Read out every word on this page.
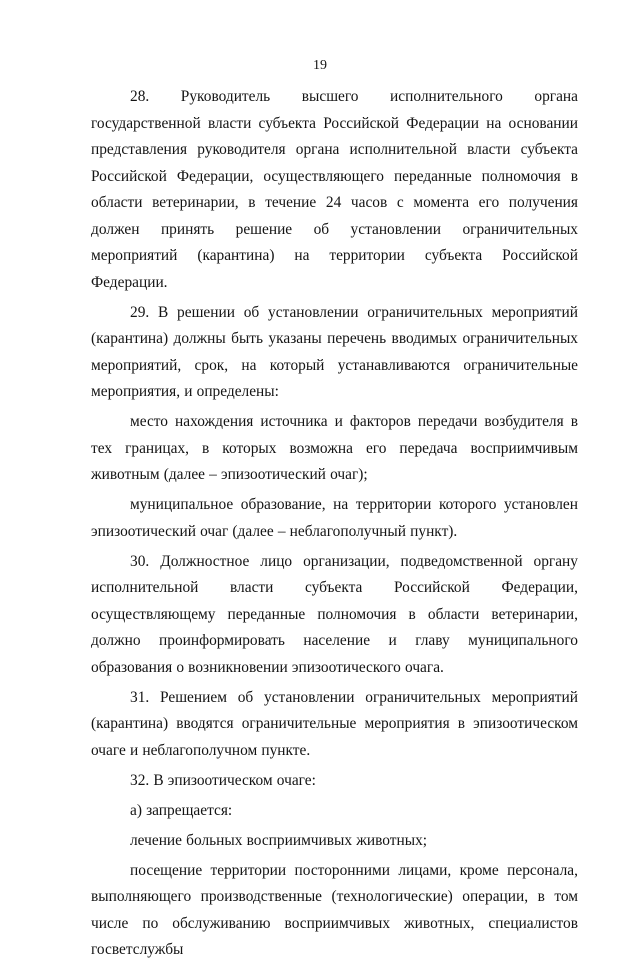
19

28. Руководитель высшего исполнительного органа государственной власти субъекта Российской Федерации на основании представления руководителя органа исполнительной власти субъекта Российской Федерации, осуществляющего переданные полномочия в области ветеринарии, в течение 24 часов с момента его получения должен принять решение об установлении ограничительных мероприятий (карантина) на территории субъекта Российской Федерации.

29. В решении об установлении ограничительных мероприятий (карантина) должны быть указаны перечень вводимых ограничительных мероприятий, срок, на который устанавливаются ограничительные мероприятия, и определены:

место нахождения источника и факторов передачи возбудителя в тех границах, в которых возможна его передача восприимчивым животным (далее – эпизоотический очаг);

муниципальное образование, на территории которого установлен эпизоотический очаг (далее – неблагополучный пункт).

30. Должностное лицо организации, подведомственной органу исполнительной власти субъекта Российской Федерации, осуществляющему переданные полномочия в области ветеринарии, должно проинформировать население и главу муниципального образования о возникновении эпизоотического очага.

31. Решением об установлении ограничительных мероприятий (карантина) вводятся ограничительные мероприятия в эпизоотическом очаге и неблагополучном пункте.

32. В эпизоотическом очаге:

а) запрещается:

лечение больных восприимчивых животных;

посещение территории посторонними лицами, кроме персонала, выполняющего производственные (технологические) операции, в том числе по обслуживанию восприимчивых животных, специалистов госветслужбы
